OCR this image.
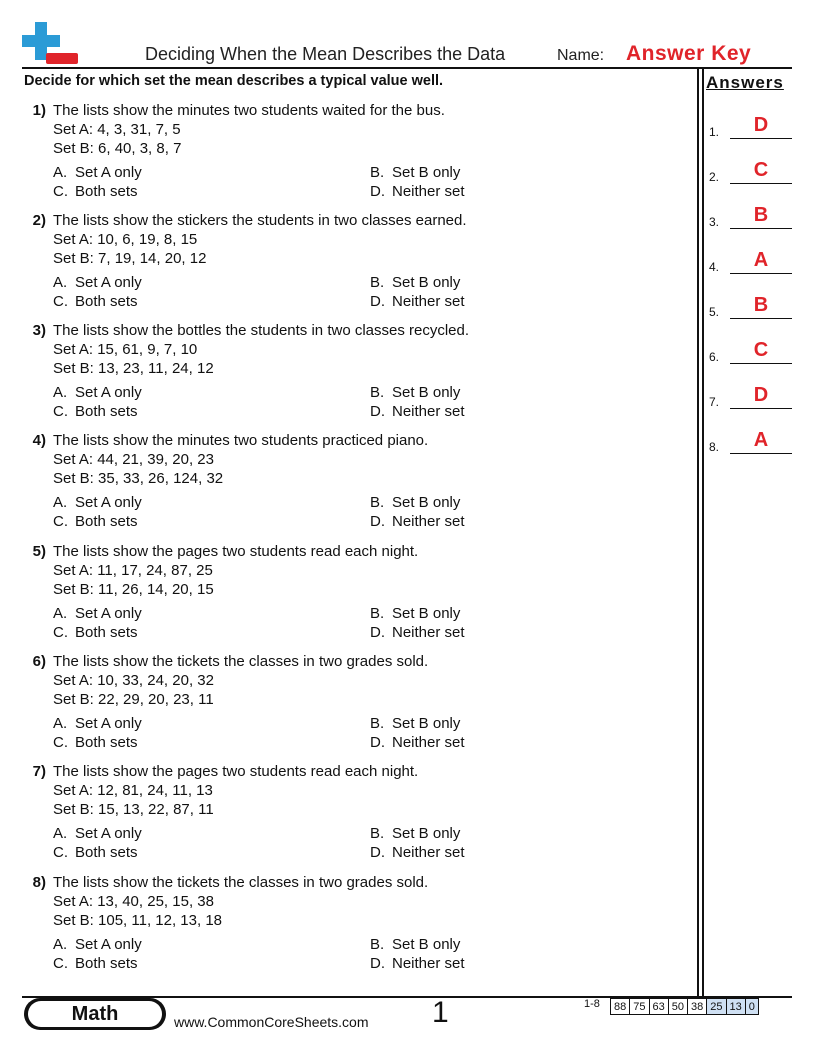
Deciding When the Mean Describes the Data	Name: Answer Key
Decide for which set the mean describes a typical value well.	Answers
1) The lists show the minutes two students waited for the bus.
Set A: 4, 3, 31, 7, 5
Set B: 6, 40, 3, 8, 7
A. Set A only	B. Set B only
C. Both sets	D. Neither set
2) The lists show the stickers the students in two classes earned.
Set A: 10, 6, 19, 8, 15
Set B: 7, 19, 14, 20, 12
A. Set A only	B. Set B only
C. Both sets	D. Neither set
3) The lists show the bottles the students in two classes recycled.
Set A: 15, 61, 9, 7, 10
Set B: 13, 23, 11, 24, 12
A. Set A only	B. Set B only
C. Both sets	D. Neither set
4) The lists show the minutes two students practiced piano.
Set A: 44, 21, 39, 20, 23
Set B: 35, 33, 26, 124, 32
A. Set A only	B. Set B only
C. Both sets	D. Neither set
5) The lists show the pages two students read each night.
Set A: 11, 17, 24, 87, 25
Set B: 11, 26, 14, 20, 15
A. Set A only	B. Set B only
C. Both sets	D. Neither set
6) The lists show the tickets the classes in two grades sold.
Set A: 10, 33, 24, 20, 32
Set B: 22, 29, 20, 23, 11
A. Set A only	B. Set B only
C. Both sets	D. Neither set
7) The lists show the pages two students read each night.
Set A: 12, 81, 24, 11, 13
Set B: 15, 13, 22, 87, 11
A. Set A only	B. Set B only
C. Both sets	D. Neither set
8) The lists show the tickets the classes in two grades sold.
Set A: 13, 40, 25, 15, 38
Set B: 105, 11, 12, 13, 18
A. Set A only	B. Set B only
C. Both sets	D. Neither set
1.	D
2.	C
3.	B
4.	A
5.	B
6.	C
7.	D
8.	A
Math	www.CommonCoreSheets.com 1	1-8 88	75	63	50	38	25	13	0
